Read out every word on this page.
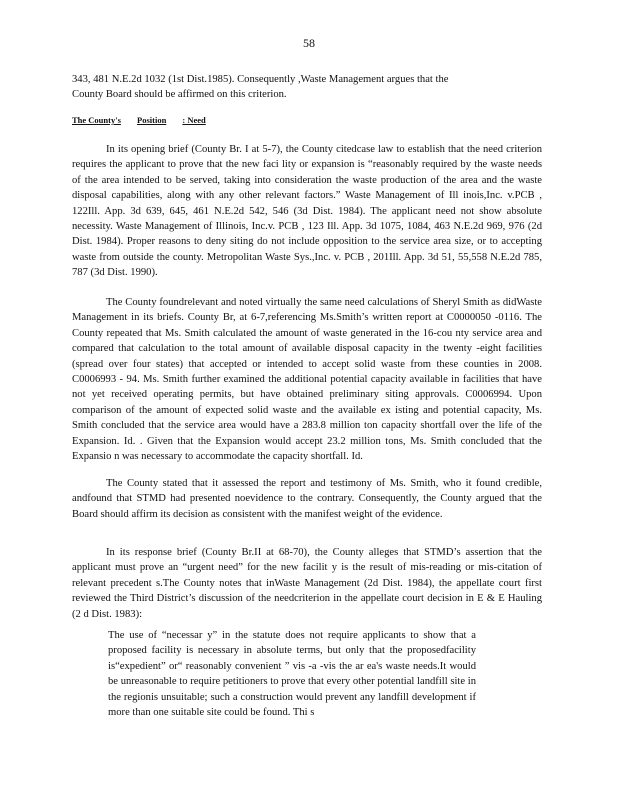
58

343, 481 N.E.2d 1032 (1st Dist.1985). Consequently ,Waste Management argues that the

County Board should be affirmed on this criterion.

The County's Position : Need

In its opening brief (County Br. I at 5-7), the County citedcase law to establish that the need criterion requires the applicant to prove that the new faci lity or expansion is “reasonably required by the waste needs of the area intended to be served, taking into consideration the waste production of the area and the waste disposal capabilities, along with any other relevant factors.” Waste Management of Ill inois,Inc. v.PCB , 122Ill. App. 3d 639, 645, 461 N.E.2d 542, 546 (3d Dist. 1984). The applicant need not show absolute necessity. Waste Management of Illinois, Inc.v. PCB , 123 Ill. App. 3d 1075, 1084, 463 N.E.2d 969, 976 (2d Dist. 1984). Proper reasons to deny siting do not include opposition to the service area size, or to accepting waste from outside the county. Metropolitan Waste Sys.,Inc. v. PCB , 201Ill. App. 3d 51, 55,558 N.E.2d 785, 787 (3d Dist. 1990).

The County foundrelevant and noted virtually the same need calculations of Sheryl Smith as didWaste Management in its briefs. County Br, at 6-7,referencing Ms.Smith’s written report at C0000050 -0116. The County repeated that Ms. Smith calculated the amount of waste generated in the 16-cou nty service area and compared that calculation to the total amount of available disposal capacity in the twenty -eight facilities (spread over four states) that accepted or intended to accept solid waste from these counties in 2008. C0006993 - 94. Ms. Smith further examined the additional potential capacity available in facilities that have not yet received operating permits, but have obtained preliminary siting approvals. C0006994. Upon comparison of the amount of expected solid waste and the available ex isting and potential capacity, Ms. Smith concluded that the service area would have a 283.8 million ton capacity shortfall over the life of the Expansion. Id. . Given that the Expansion would accept 23.2 million tons, Ms. Smith concluded that the Expansio n was necessary to accommodate the capacity shortfall. Id.

The County stated that it assessed the report and testimony of Ms. Smith, who it found credible, andfound that STMD had presented noevidence to the contrary. Consequently, the County argued that the Board should affirm its decision as consistent with the manifest weight of the evidence.

In its response brief (County Br.II at 68-70), the County alleges that STMD’s assertion that the applicant must prove an “urgent need” for the new facilit y is the result of mis-reading or mis-citation of relevant precedent s.The County notes that inWaste Management (2d Dist. 1984), the appellate court first reviewed the Third District’s discussion of the needcriterion in the appellate court decision in E & E Hauling (2 d Dist. 1983):

The use of “necessar y” in the statute does not require applicants to show that a proposed facility is necessary in absolute terms, but only that the proposedfacility is“expedient” or“ reasonably convenient ” vis -a -vis the ar ea's waste needs.It would be unreasonable to require petitioners to prove that every other potential landfill site in the regionis unsuitable; such a construction would prevent any landfill development if more than one suitable site could be found. Thi s
